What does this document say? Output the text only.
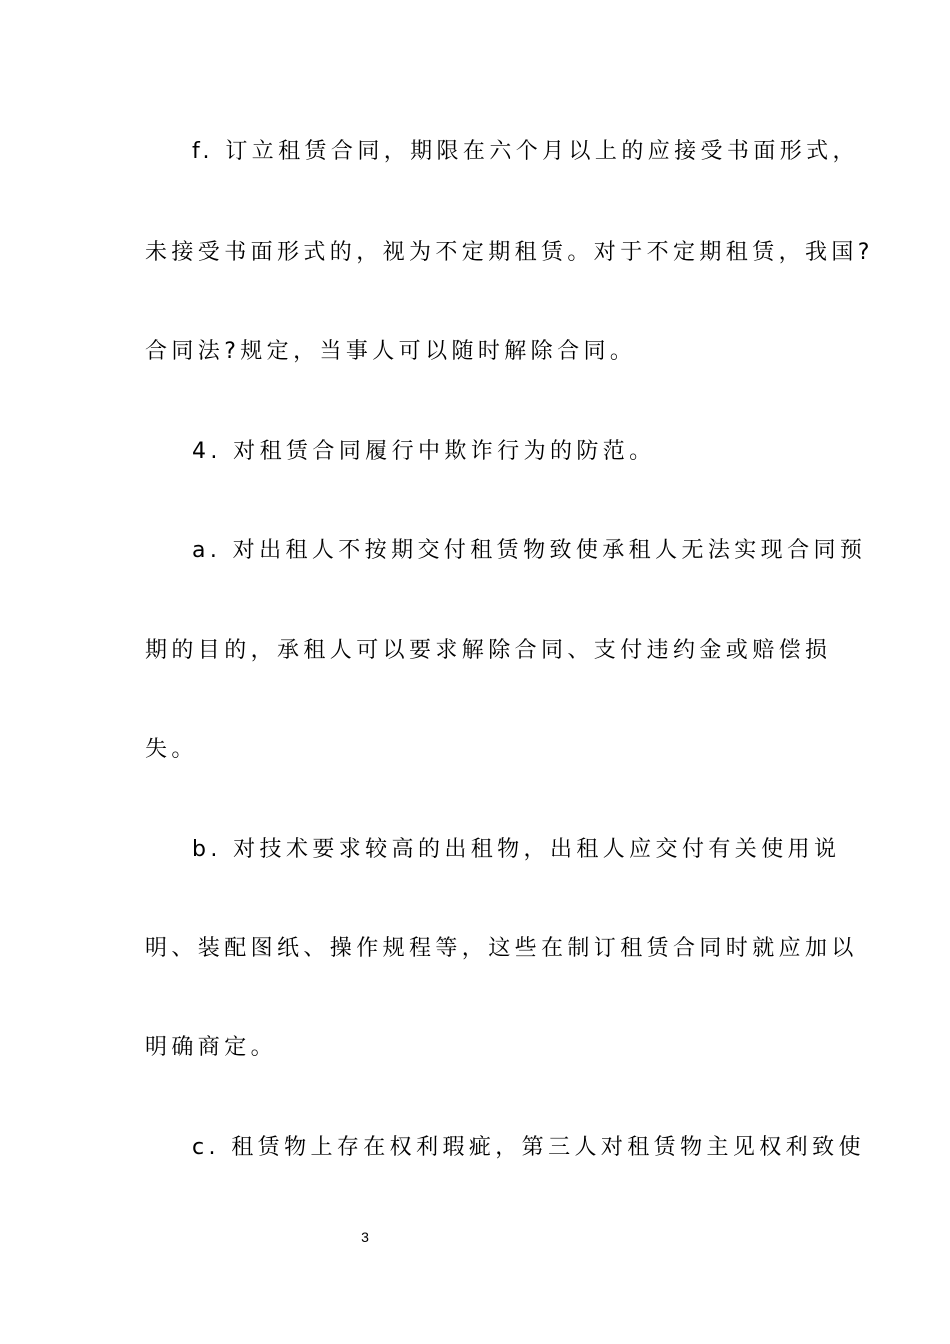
f. 订立租赁合同，期限在六个月以上的应接受书面形式，
未接受书面形式的，视为不定期租赁。对于不定期租赁，我国?
合同法?规定，当事人可以随时解除合同。
4. 对租赁合同履行中欺诈行为的防范。
a. 对出租人不按期交付租赁物致使承租人无法实现合同预
期的目的，承租人可以要求解除合同、支付违约金或赔偿损
失。
b. 对技术要求较高的出租物，出租人应交付有关使用说
明、装配图纸、操作规程等，这些在制订租赁合同时就应加以
明确商定。
c. 租赁物上存在权利瑕疵，第三人对租赁物主见权利致使
3
